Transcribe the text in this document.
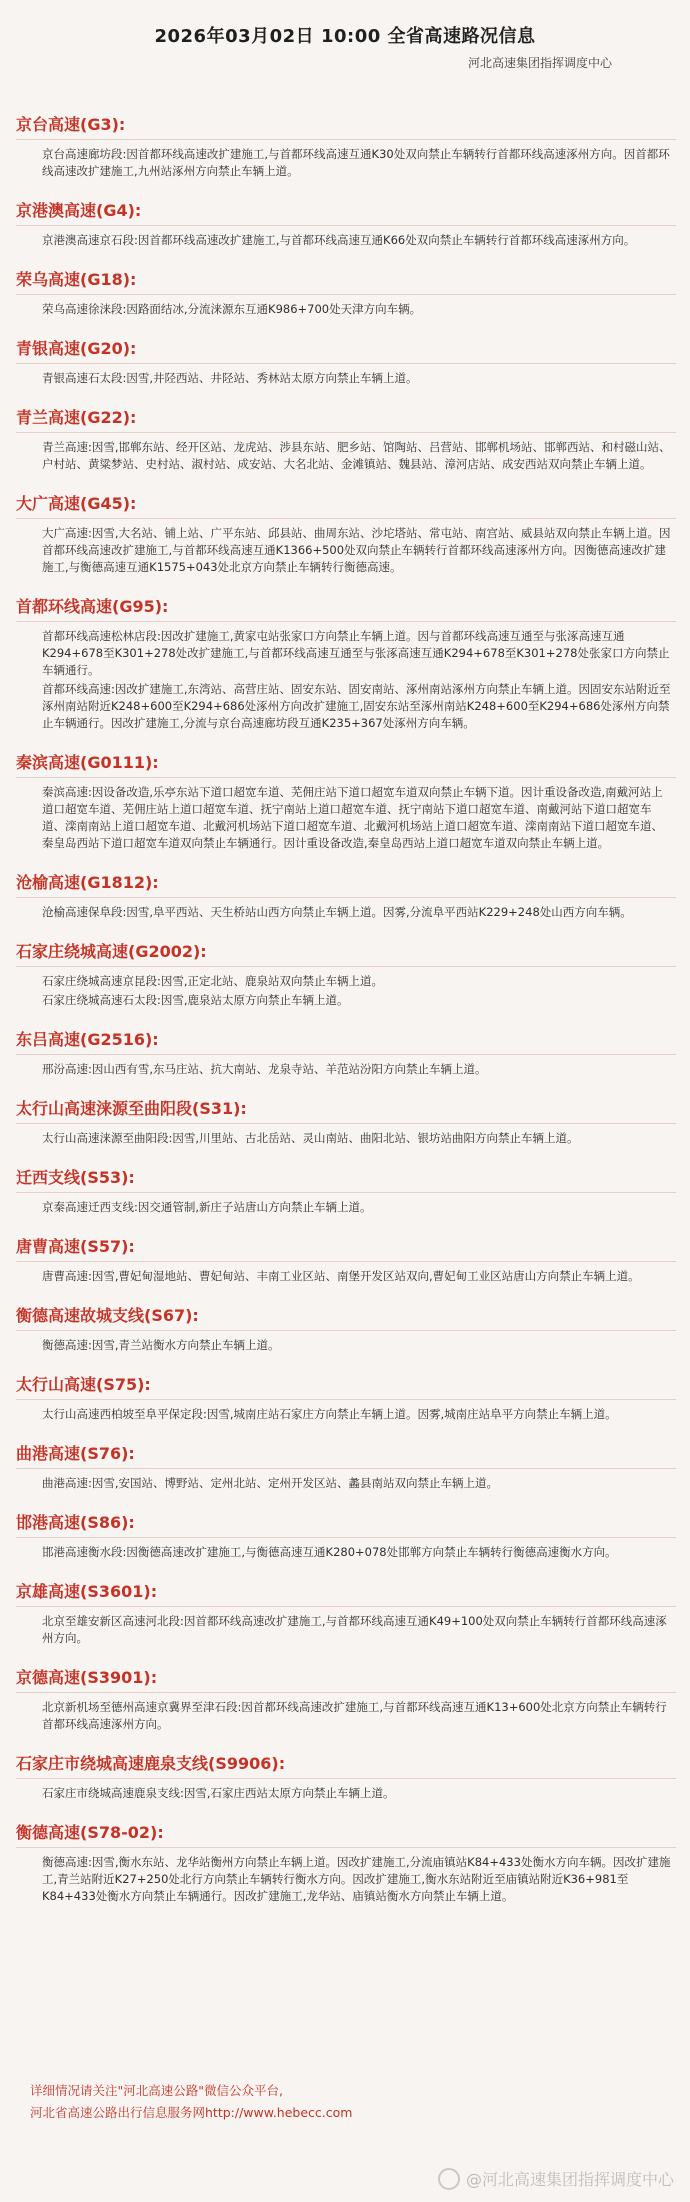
2026年03月02日 10:00 全省高速路况信息
河北高速集团指挥调度中心
京台高速 (G3):
京台高速廊坊段:因首都环线高速改扩建施工,与首都环线高速互通K30处双向禁止车辆转行首都环线高速涿州方向。因首都环线高速改扩建施工,九州站涿州方向禁止车辆上道。
京港澳高速 (G4):
京港澳高速京石段:因首都环线高速改扩建施工,与首都环线高速互通K66处双向禁止车辆转行首都环线高速涿州方向。
荣乌高速 (G18):
荣乌高速徐涞段:因路面结冰,分流涞源东互通K986+700处天津方向车辆。
青银高速 (G20):
青银高速石太段:因雪,井陉西站、井陉站、秀林站太原方向禁止车辆上道。
青兰高速 (G22):
青兰高速:因雪,邯郸东站、经开区站、龙虎站、涉县东站、肥乡站、馆陶站、吕营站、邯郸机场站、邯郸西站、和村磁山站、户村站、黄粱梦站、史村站、淑村站、成安站、大名北站、金滩镇站、魏县站、漳河店站、成安西站双向禁止车辆上道。
大广高速 (G45):
大广高速:因雪,大名站、铺上站、广平东站、邱县站、曲周东站、沙坨塔站、常屯站、南宫站、威县站双向禁止车辆上道。因首都环线高速改扩建施工,与首都环线高速互通K1366+500处双向禁止车辆转行首都环线高速涿州方向。因衡德高速改扩建施工,与衡德高速互通K1575+043处北京方向禁止车辆转行衡德高速。
首都环线高速 (G95):
首都环线高速松林店段:因改扩建施工,黄家屯站张家口方向禁止车辆上道。因与首都环线高速互通至与张涿高速互通K294+678至K301+278处改扩建施工,与首都环线高速互通至与张涿高速互通K294+678至K301+278处张家口方向禁止车辆通行。
首都环线高速:因改扩建施工,东湾站、高营庄站、固安东站、固安南站、涿州南站涿州方向禁止车辆上道。因固安东站附近至涿州南站附近K248+600至K294+686处涿州方向改扩建施工,固安东站至涿州南站K248+600至K294+686处涿州方向禁止车辆通行。因改扩建施工,分流与京台高速廊坊段互通K235+367处涿州方向车辆。
秦滨高速 (G0111):
秦滨高速:因设备改造,乐亭东站下道口超宽车道、芜佣庄站下道口超宽车道双向禁止车辆下道。因计重设备改造,南戴河站上道口超宽车道、芜佣庄站上道口超宽车道、抚宁南站上道口超宽车道、抚宁南站下道口超宽车道、南戴河站下道口超宽车道、滦南南站上道口超宽车道、北戴河机场站下道口超宽车道、北戴河机场站上道口超宽车道、滦南南站下道口超宽车道、秦皇岛西站下道口超宽车道双向禁止车辆通行。因计重设备改造,秦皇岛西站上道口超宽车道双向禁止车辆上道。
沧榆高速 (G1812):
沧榆高速保阜段:因雪,阜平西站、天生桥站山西方向禁止车辆上道。因雾,分流阜平西站K229+248处山西方向车辆。
石家庄绕城高速 (G2002):
石家庄绕城高速京昆段:因雪,正定北站、鹿泉站双向禁止车辆上道。
石家庄绕城高速石太段:因雪,鹿泉站太原方向禁止车辆上道。
东吕高速 (G2516):
邢汾高速:因山西有雪,东马庄站、抗大南站、龙泉寺站、羊范站汾阳方向禁止车辆上道。
太行山高速涞源至曲阳段 (S31):
太行山高速涞源至曲阳段:因雪,川里站、古北岳站、灵山南站、曲阳北站、银坊站曲阳方向禁止车辆上道。
迁西支线 (S53):
京秦高速迁西支线:因交通管制,新庄子站唐山方向禁止车辆上道。
唐曹高速 (S57):
唐曹高速:因雪,曹妃甸湿地站、曹妃甸站、丰南工业区站、南堡开发区站双向,曹妃甸工业区站唐山方向禁止车辆上道。
衡德高速故城支线 (S67):
衡德高速:因雪,青兰站衡水方向禁止车辆上道。
太行山高速 (S75):
太行山高速西柏坡至阜平保定段:因雪,城南庄站石家庄方向禁止车辆上道。因雾,城南庄站阜平方向禁止车辆上道。
曲港高速 (S76):
曲港高速:因雪,安国站、博野站、定州北站、定州开发区站、蠡县南站双向禁止车辆上道。
邯港高速 (S86):
邯港高速衡水段:因衡德高速改扩建施工,与衡德高速互通K280+078处邯郸方向禁止车辆转行衡德高速衡水方向。
京雄高速 (S3601):
北京至雄安新区高速河北段:因首都环线高速改扩建施工,与首都环线高速互通K49+100处双向禁止车辆转行首都环线高速涿州方向。
京德高速 (S3901):
北京新机场至德州高速京冀界至津石段:因首都环线高速改扩建施工,与首都环线高速互通K13+600处北京方向禁止车辆转行首都环线高速涿州方向。
石家庄市绕城高速鹿泉支线 (S9906):
石家庄市绕城高速鹿泉支线:因雪,石家庄西站太原方向禁止车辆上道。
衡德高速 (S78-02):
衡德高速:因雪,衡水东站、龙华站衡州方向禁止车辆上道。因改扩建施工,分流庙镇站K84+433处衡水方向车辆。因改扩建施工,青兰站附近K27+250处北行方向禁止车辆转行衡水方向。因改扩建施工,衡水东站附近至庙镇站附近K36+981至K84+433处衡水方向禁止车辆通行。因改扩建施工,龙华站、庙镇站衡水方向禁止车辆上道。
详细情况请关注"河北高速公路"微信公众平台,
河北省高速公路出行信息服务网http://www.hebecc.com
@河北高速集团指挥调度中心
